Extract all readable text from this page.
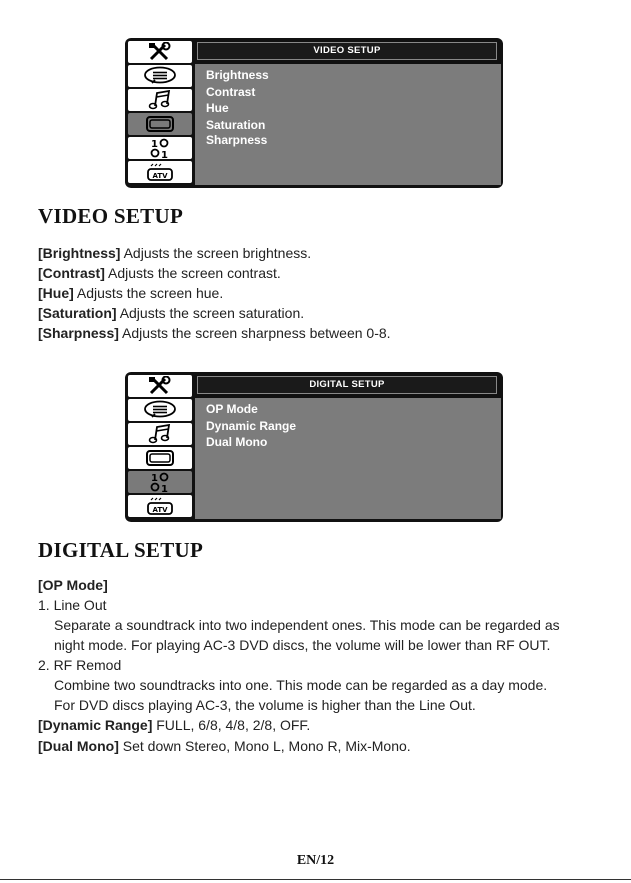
1
1
ATV
VIDEO SETUP
Brightness
Contrast
Hue
Saturation
Sharpness
VIDEO SETUP
[Brightness] Adjusts the screen brightness.
[Contrast] Adjusts the screen contrast.
[Hue] Adjusts the screen hue.
[Saturation] Adjusts the screen saturation.
[Sharpness] Adjusts the screen sharpness between 0-8.
1
1
ATV
DIGITAL SETUP
OP Mode
Dynamic Range
Dual Mono
DIGITAL SETUP
[OP Mode]
1. Line Out
Separate a soundtrack into two independent ones. This mode can be regarded as
night mode. For playing AC-3 DVD discs, the volume will be lower than RF OUT.
2. RF Remod
Combine two soundtracks into one. This mode can be regarded as a day mode.
For DVD discs playing AC-3, the volume is higher than the Line Out.
[Dynamic Range] FULL, 6/8, 4/8, 2/8, OFF.
[Dual Mono] Set down Stereo, Mono L, Mono R, Mix-Mono.
EN/12
